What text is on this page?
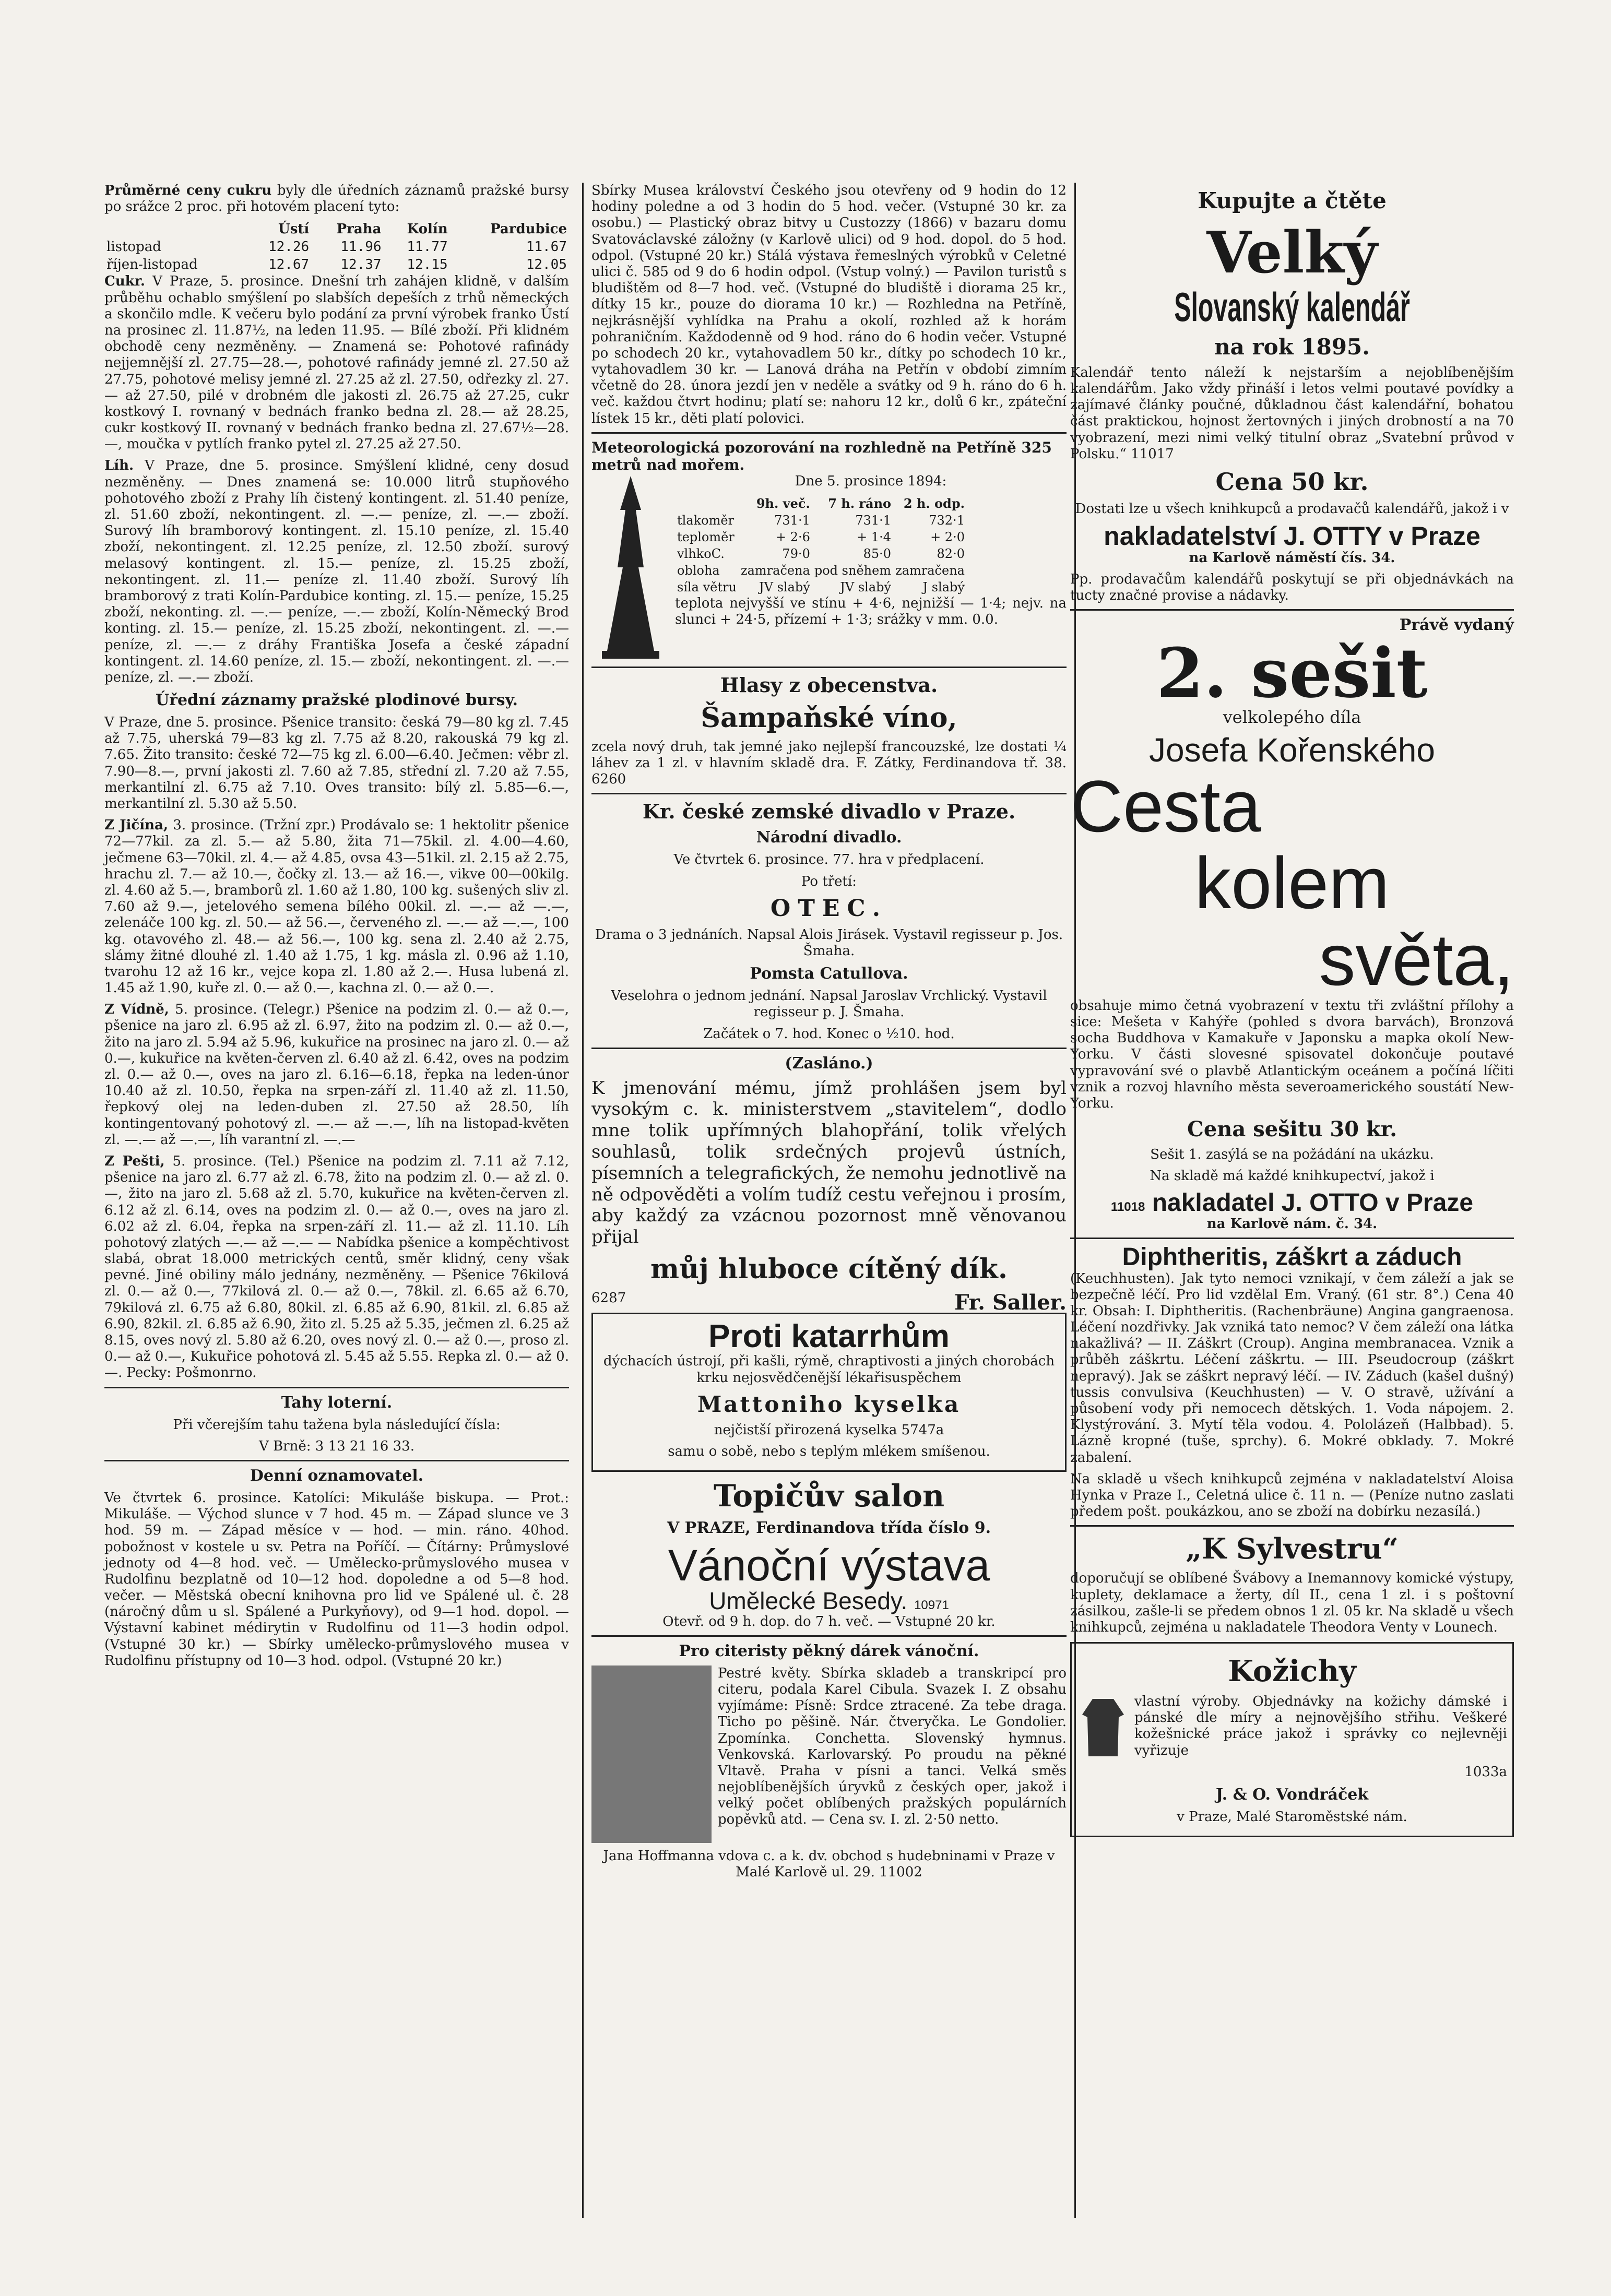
Průměrné ceny cukru byly dle úředních záznamů pražské bursy po srážce 2 proc. při hotovém placení tyto:

	Ústí	Praha	Kolín	Pardubice
listopad	12.26	11.96	11.77	11.67
říjen-listopad	12.67	12.37	12.15	12.05

Cukr. V Praze, 5. prosince. Dnešní trh zahájen klidně, v dalším průběhu ochablo smýšlení po slabších depeších z trhů německých a skončilo mdle. K večeru bylo podání za první výrobek franko Ústí na prosinec zl. 11.87½, na leden 11.95. — Bílé zboží. Při klidném obchodě ceny nezměněny. — Znamená se: Pohotové rafinády nejjemnější zl. 27.75—28.—, pohotové rafinády jemné zl. 27.50 až 27.75, pohotové melisy jemné zl. 27.25 až zl. 27.50, odřezky zl. 27.— až 27.50, pilé v drobném dle jakosti zl. 26.75 až 27.25, cukr kostkový I. rovnaný v bednách franko bedna zl. 28.— až 28.25, cukr kostkový II. rovnaný v bednách franko bedna zl. 27.67½—28.—, moučka v pytlích franko pytel zl. 27.25 až 27.50.

Líh. V Praze, dne 5. prosince. Smýšlení klidné, ceny dosud nezměněny. — Dnes znamená se: 10.000 litrů stupňového pohotového zboží z Prahy líh čistený kontingent. zl. 51.40 peníze, zl. 51.60 zboží, nekontingent. zl. —.— peníze, zl. —.— zboží. Surový líh bramborový kontingent. zl. 15.10 peníze, zl. 15.40 zboží, nekontingent. zl. 12.25 peníze, zl. 12.50 zboží. surový melasový kontingent. zl. 15.— peníze, zl. 15.25 zboží, nekontingent. zl. 11.— peníze zl. 11.40 zboží. Surový líh bramborový z trati Kolín-Pardubice konting. zl. 15.— peníze, 15.25 zboží, nekonting. zl. —.— peníze, —.— zboží, Kolín-Německý Brod konting. zl. 15.— peníze, zl. 15.25 zboží, nekontingent. zl. —.— peníze, zl. —.— z dráhy Františka Josefa a české západní kontingent. zl. 14.60 peníze, zl. 15.— zboží, nekontingent. zl. —.— peníze, zl. —.— zboží.

Úřední záznamy pražské plodinové bursy.

V Praze, dne 5. prosince. Pšenice transito: česká 79—80 kg zl. 7.45 až 7.75, uherská 79—83 kg zl. 7.75 až 8.20, rakouská 79 kg zl. 7.65. Žito transito: české 72—75 kg zl. 6.00—6.40. Ječmen: věbr zl. 7.90—8.—, první jakosti zl. 7.60 až 7.85, střední zl. 7.20 až 7.55, merkantilní zl. 6.75 až 7.10. Oves transito: bílý zl. 5.85—6.—, merkantilní zl. 5.30 až 5.50.

Z Jičína, 3. prosince. (Tržní zpr.) Prodávalo se: 1 hektolitr pšenice 72—77kil. za zl. 5.— až 5.80, žita 71—75kil. zl. 4.00—4.60, ječmene 63—70kil. zl. 4.— až 4.85, ovsa 43—51kil. zl. 2.15 až 2.75, hrachu zl. 7.— až 10.—, čočky zl. 13.— až 16.—, vikve 00—00kilg. zl. 4.60 až 5.—, bramborů zl. 1.60 až 1.80, 100 kg. sušených sliv zl. 7.60 až 9.—, jetelového semena bílého 00kil. zl. —.— až —.—, zelenáče 100 kg. zl. 50.— až 56.—, červeného zl. —.— až —.—, 100 kg. otavového zl. 48.— až 56.—, 100 kg. sena zl. 2.40 až 2.75, slámy žitné dlouhé zl. 1.40 až 1.75, 1 kg. másla zl. 0.96 až 1.10, tvarohu 12 až 16 kr., vejce kopa zl. 1.80 až 2.—. Husa lubená zl. 1.45 až 1.90, kuře zl. 0.— až 0.—, kachna zl. 0.— až 0.—.

Z Vídně, 5. prosince. (Telegr.) Pšenice na podzim zl. 0.— až 0.—, pšenice na jaro zl. 6.95 až zl. 6.97, žito na podzim zl. 0.— až 0.—, žito na jaro zl. 5.94 až 5.96, kukuřice na prosinec na jaro zl. 0.— až 0.—, kukuřice na květen-červen zl. 6.40 až zl. 6.42, oves na podzim zl. 0.— až 0.—, oves na jaro zl. 6.16—6.18, řepka na leden-únor 10.40 až zl. 10.50, řepka na srpen-září zl. 11.40 až zl. 11.50, řepkový olej na leden-duben zl. 27.50 až 28.50, líh kontingentovaný pohotový zl. —.— až —.—, líh na listopad-květen zl. —.— až —.—, líh varantní zl. —.—

Z Pešti, 5. prosince. (Tel.) Pšenice na podzim zl. 7.11 až 7.12, pšenice na jaro zl. 6.77 až zl. 6.78, žito na podzim zl. 0.— až zl. 0.—, žito na jaro zl. 5.68 až zl. 5.70, kukuřice na květen-červen zl. 6.12 až zl. 6.14, oves na podzim zl. 0.— až 0.—, oves na jaro zl. 6.02 až zl. 6.04, řepka na srpen-září zl. 11.— až zl. 11.10. Líh pohotový zlatých —.— až —.— — Nabídka pšenice a kompěchtivost slabá, obrat 18.000 metrických centů, směr klidný, ceny však pevné. Jiné obiliny málo jednány, nezměněny. — Pšenice 76kilová zl. 0.— až 0.—, 77kilová zl. 0.— až 0.—, 78kil. zl. 6.65 až 6.70, 79kilová zl. 6.75 až 6.80, 80kil. zl. 6.85 až 6.90, 81kil. zl. 6.85 až 6.90, 82kil. zl. 6.85 až 6.90, žito zl. 5.25 až 5.35, ječmen zl. 6.25 až 8.15, oves nový zl. 5.80 až 6.20, oves nový zl. 0.— až 0.—, proso zl. 0.— až 0.—, Kukuřice pohotová zl. 5.45 až 5.55. Repka zl. 0.— až 0.—. Pecky: Pošmonrno.

Tahy loterní.

Při včerejším tahu tažena byla následující čísla:

V Brně: 3 13 21 16 33.

Denní oznamovatel.

Ve čtvrtek 6. prosince. Katolíci: Mikuláše biskupa. — Prot.: Mikuláše. — Východ slunce v 7 hod. 45 m. — Západ slunce ve 3 hod. 59 m. — Západ měsíce v — hod. — min. ráno. 40hod. pobožnost v kostele u sv. Petra na Poříčí. — Čítárny: Průmyslové jednoty od 4—8 hod. več. — Umělecko-průmyslového musea v Rudolfinu bezplatně od 10—12 hod. dopoledne a od 5—8 hod. večer. — Městská obecní knihovna pro lid ve Spálené ul. č. 28 (náročný dům u sl. Spálené a Purkyňovy), od 9—1 hod. dopol. — Výstavní kabinet médirytin v Rudolfinu od 11—3 hodin odpol. (Vstupné 30 kr.) — Sbírky umělecko-průmyslového musea v Rudolfinu přístupny od 10—3 hod. odpol. (Vstupné 20 kr.)

Sbírky Musea království Českého jsou otevřeny od 9 hodin do 12 hodiny poledne a od 3 hodin do 5 hod. večer. (Vstupné 30 kr. za osobu.) — Plastický obraz bitvy u Custozzy (1866) v bazaru domu Svatováclavské záložny (v Karlově ulici) od 9 hod. dopol. do 5 hod. odpol. (Vstupné 20 kr.) Stálá výstava řemeslných výrobků v Celetné ulici č. 585 od 9 do 6 hodin odpol. (Vstup volný.) — Pavilon turistů s bludištěm od 8—7 hod. več. (Vstupné do bludiště i diorama 25 kr., dítky 15 kr., pouze do diorama 10 kr.) — Rozhledna na Petříně, nejkrásnější vyhlídka na Prahu a okolí, rozhled až k horám pohraničním. Každodenně od 9 hod. ráno do 6 hodin večer. Vstupné po schodech 20 kr., vytahovadlem 50 kr., dítky po schodech 10 kr., vytahovadlem 30 kr. — Lanová dráha na Petřín v období zimním včetně do 28. února jezdí jen v neděle a svátky od 9 h. ráno do 6 h. več. každou čtvrt hodinu; platí se: nahoru 12 kr., dolů 6 kr., zpáteční lístek 15 kr., děti platí polovici.

Meteorologická pozorování na rozhledně na Petříně 325 metrů nad mořem.

Dne 5. prosince 1894:

	9h. več.	7 h. ráno	2 h. odp.
tlakoměr	731·1	731·1	732·1
teploměr	+ 2·6	+ 1·4	+ 2·0
vlhkoC.	79·0	85·0	82·0
obloha	zamračena	pod sněhem	zamračena
síla větru	JV slabý	JV slabý	J slabý

teplota nejvyšší ve stínu + 4·6, nejnižší — 1·4; nejv. na slunci + 24·5, přízemí + 1·3; srážky v mm. 0.0.

Hlasy z obecenstva.
Šampaňské víno,

zcela nový druh, tak jemné jako nejlepší francouzské, lze dostati ¼ láhev za 1 zl. v hlavním skladě dra. F. Zátky, Ferdinandova tř. 38. 6260

Kr. české zemské divadlo v Praze.
Národní divadlo.

Ve čtvrtek 6. prosince. 77. hra v předplacení.

Po třetí:

OTEC.

Drama o 3 jednáních. Napsal Alois Jirásek. Vystavil regisseur p. Jos. Šmaha.

Pomsta Catullova.

Veselohra o jednom jednání. Napsal Jaroslav Vrchlický. Vystavil regisseur p. J. Šmaha.

Začátek o 7. hod. Konec o ½10. hod.

(Zasláno.)

K jmenování mému, jímž prohlášen jsem byl vysokým c. k. ministerstvem „stavitelem“, dodlo mne tolik upřímných blahopřání, tolik vřelých souhlasů, tolik srdečných projevů ústních, písemních a telegrafických, že nemohu jednotlivě na ně odpověděti a volím tudíž cestu veřejnou i prosím, aby každý za vzácnou pozornost mně věnovanou přijal

můj hluboce cítěný dík.

6287	Fr. Saller.

Proti katarrhům

dýchacích ústrojí, při kašli, rýmě, chraptivosti a jiných chorobách krku nejosvědčenější lékařisuspěchem

Mattoniho kyselka

nejčistší přirozená kyselka 5747a

samu o sobě, nebo s teplým mlékem smíšenou.

Topičův salon
V PRAZE, Ferdinandova třída číslo 9.
Vánoční výstava
Umělecké Besedy. 10971

Otevř. od 9 h. dop. do 7 h. več. — Vstupné 20 kr.

Pro citeristy pěkný dárek vánoční.

Pestré květy. Sbírka skladeb a transkripcí pro citeru, podala Karel Cibula. Svazek I. Z obsahu vyjímáme: Písně: Srdce ztracené. Za tebe draga. Ticho po pěšině. Nár. čtveryčka. Le Gondolier. Zpomínka. Conchetta. Slovenský hymnus. Venkovská. Karlovarský. Po proudu na pěkné Vltavě. Praha v písni a tanci. Velká směs nejoblíbenějších úryvků z českých oper, jakož i velký počet oblíbených pražských populárních popěvků atd. — Cena sv. I. zl. 2·50 netto.

Jana Hoffmanna vdova c. a k. dv. obchod s hudebninami v Praze v Malé Karlově ul. 29. 11002

Kupujte a čtěte
Velký
Slovanský kalendář
na rok 1895.

Kalendář tento náleží k nejstarším a nejoblíbenějším kalendářům. Jako vždy přináší i letos velmi poutavé povídky a zajímavé články poučné, důkladnou část kalendářní, bohatou část praktickou, hojnost žertovných i jiných drobností a na 70 vyobrazení, mezi nimi velký titulní obraz „Svatební průvod v Polsku.“ 11017

Cena 50 kr.

Dostati lze u všech knihkupců a prodavačů kalendářů, jakož i v

nakladatelství J. OTTY v Praze

na Karlově náměstí čís. 34.

Pp. prodavačům kalendářů poskytují se při objednávkách na tucty značné provise a nádavky.

Právě vydaný
2. sešit

velkolepého díla

Josefa Kořenského
Cesta
kolem
světa,

obsahuje mimo četná vyobrazení v textu tři zvláštní přílohy a sice: Mešeta v Kahýře (pohled s dvora barvách), Bronzová socha Buddhova v Kamakuře v Japonsku a mapka okolí New-Yorku. V části slovesné spisovatel dokončuje poutavé vypravování své o plavbě Atlantickým oceánem a počíná líčiti vznik a rozvoj hlavního města severoamerického soustátí New-Yorku.

Cena sešitu 30 kr.

Sešit 1. zasýlá se na požádání na ukázku.

Na skladě má každé knihkupectví, jakož i

11018 nakladatel J. OTTO v Praze

na Karlově nám. č. 34.

Diphtheritis, záškrt a záduch

(Keuchhusten). Jak tyto nemoci vznikají, v čem záleží a jak se bezpečně léčí. Pro lid vzdělal Em. Vraný. (61 str. 8°.) Cena 40 kr. Obsah: I. Diphtheritis. (Rachenbräune) Angina gangraenosa. Léčení nozdřivky. Jak vzniká tato nemoc? V čem záleží ona látka nakažlivá? — II. Záškrt (Croup). Angina membranacea. Vznik a průběh záškrtu. Léčení záškrtu. — III. Pseudocroup (záškrt nepravý). Jak se záškrt nepravý léčí. — IV. Záduch (kašel dušný) tussis convulsiva (Keuchhusten) — V. O stravě, užívání a působení vody při nemocech dětských. 1. Voda nápojem. 2. Klystýrování. 3. Mytí těla vodou. 4. Pololázeň (Halbbad). 5. Lázně kropné (tuše, sprchy). 6. Mokré obklady. 7. Mokré zabalení.

Na skladě u všech knihkupců zejména v nakladatelství Aloisa Hynka v Praze I., Celetná ulice č. 11 n. — (Peníze nutno zaslati předem pošt. poukázkou, ano se zboží na dobírku nezasílá.)

„K Sylvestru“

doporučují se oblíbené Švábovy a Inemannovy komické výstupy, kuplety, deklamace a žerty, díl II., cena 1 zl. i s poštovní zásilkou, zašle-li se předem obnos 1 zl. 05 kr. Na skladě u všech knihkupců, zejména u nakladatele Theodora Venty v Lounech.

Kožichy

vlastní výroby. Objednávky na kožichy dámské i pánské dle míry a nejnovějšího střihu. Veškeré kožešnické práce jakož i správky co nejlevněji vyřizuje

1033a

J. & O. Vondráček

v Praze, Malé Staroměstské nám.
